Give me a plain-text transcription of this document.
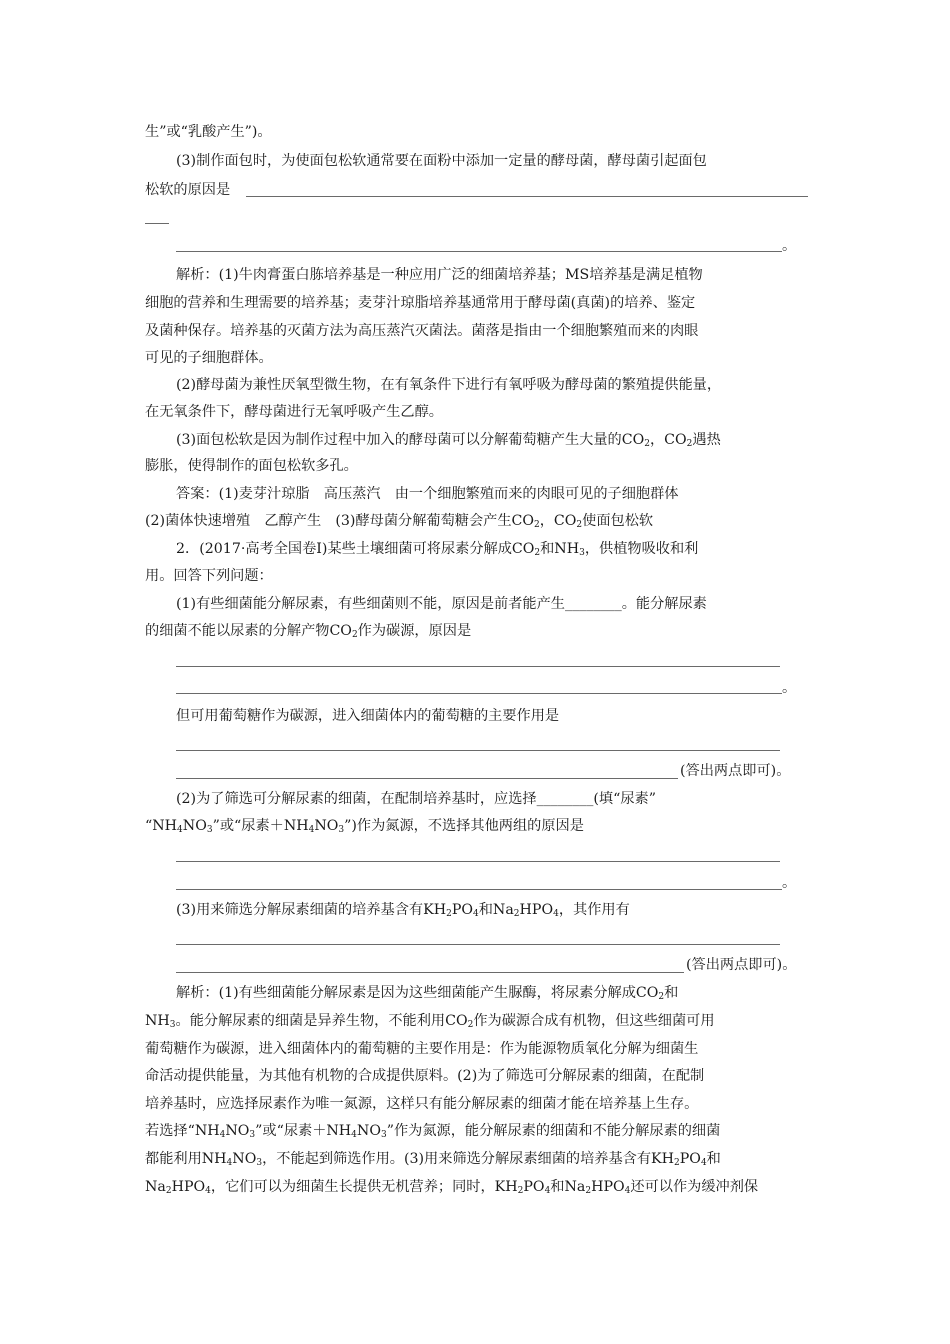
生”或“乳酸产生”)。
(3)制作面包时，为使面包松软通常要在面粉中添加一定量的酵母菌，酵母菌引起面包
松软的原因是
。
解析：(1)牛肉膏蛋白胨培养基是一种应用广泛的细菌培养基；MS培养基是满足植物
细胞的营养和生理需要的培养基；麦芽汁琼脂培养基通常用于酵母菌(真菌)的培养、鉴定
及菌种保存。培养基的灭菌方法为高压蒸汽灭菌法。菌落是指由一个细胞繁殖而来的肉眼
可见的子细胞群体。
(2)酵母菌为兼性厌氧型微生物，在有氧条件下进行有氧呼吸为酵母菌的繁殖提供能量，
在无氧条件下，酵母菌进行无氧呼吸产生乙醇。
(3)面包松软是因为制作过程中加入的酵母菌可以分解葡萄糖产生大量的$CO_2$，$CO_2$遇热
膨胀，使得制作的面包松软多孔。
答案：(1)麦芽汁琼脂　高压蒸汽　由一个细胞繁殖而来的肉眼可见的子细胞群体
(2)菌体快速增殖　乙醇产生　(3)酵母菌分解葡萄糖会产生$CO_2$，$CO_2$使面包松软
2．(2017·高考全国卷Ⅰ)某些土壤细菌可将尿素分解成$CO_2$和$NH_3$，供植物吸收和利
用。回答下列问题：
(1)有些细菌能分解尿素，有些细菌则不能，原因是前者能产生________。能分解尿素
的细菌不能以尿素的分解产物$CO_2$作为碳源，原因是
。
但可用葡萄糖作为碳源，进入细菌体内的葡萄糖的主要作用是
(答出两点即可)。
(2)为了筛选可分解尿素的细菌，在配制培养基时，应选择________(填“尿素”
“$NH_4NO_3$”或“尿素$+NH_4NO_3$”)作为氮源，不选择其他两组的原因是
。
(3)用来筛选分解尿素细菌的培养基含有$KH_2PO_4$和$Na_2HPO_4$，其作用有
(答出两点即可)。
解析：(1)有些细菌能分解尿素是因为这些细菌能产生脲酶，将尿素分解成$CO_2$和
$NH_3$。能分解尿素的细菌是异养生物，不能利用$CO_2$作为碳源合成有机物，但这些细菌可用
葡萄糖作为碳源，进入细菌体内的葡萄糖的主要作用是：作为能源物质氧化分解为细菌生
命活动提供能量，为其他有机物的合成提供原料。(2)为了筛选可分解尿素的细菌，在配制
培养基时，应选择尿素作为唯一氮源，这样只有能分解尿素的细菌才能在培养基上生存。
若选择“$NH_4NO_3$”或“尿素$+NH_4NO_3$”作为氮源，能分解尿素的细菌和不能分解尿素的细菌
都能利用$NH_4NO_3$，不能起到筛选作用。(3)用来筛选分解尿素细菌的培养基含有$KH_2PO_4$和
$Na_2HPO_4$，它们可以为细菌生长提供无机营养；同时，$KH_2PO_4$和$Na_2HPO_4$还可以作为缓冲剂保
